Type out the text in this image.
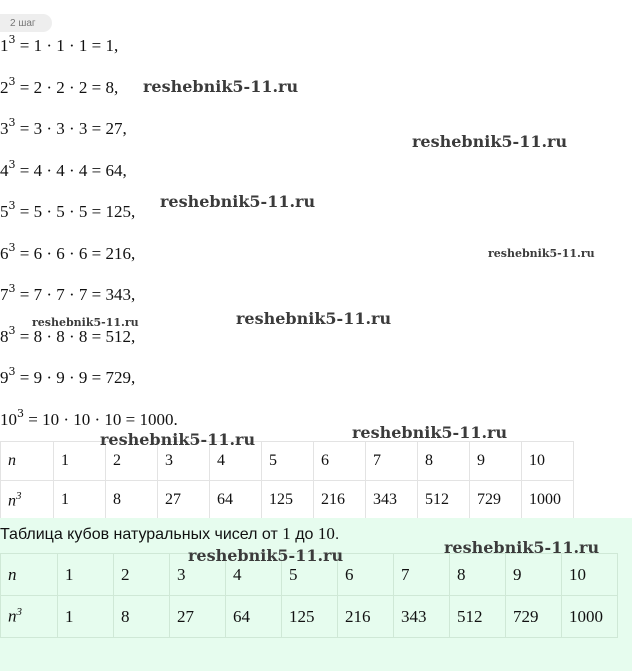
2 шаг
$1^3 = 1 \cdot 1 \cdot 1 = 1$,
$2^3 = 2 \cdot 2 \cdot 2 = 8$,
$3^3 = 3 \cdot 3 \cdot 3 = 27$,
$4^3 = 4 \cdot 4 \cdot 4 = 64$,
$5^3 = 5 \cdot 5 \cdot 5 = 125$,
$6^3 = 6 \cdot 6 \cdot 6 = 216$,
$7^3 = 7 \cdot 7 \cdot 7 = 343$,
$8^3 = 8 \cdot 8 \cdot 8 = 512$,
$9^3 = 9 \cdot 9 \cdot 9 = 729$,
$10^3 = 10 \cdot 10 \cdot 10 = 1000$.
reshebnik5-11.ru
reshebnik5-11.ru
reshebnik5-11.ru
reshebnik5-11.ru
reshebnik5-11.ru
reshebnik5-11.ru
n	1	2	3	4	5	6	7	8	9	10
$n^3$	1	8	27	64	125	216	343	512	729	1000
reshebnik5-11.ru	reshebnik5-11.ru
Таблица кубов натуральных чисел от 1 до 10.
n	1	2	3	4	5	6	7	8	9	10
$n^3$	1	8	27	64	125	216	343	512	729	1000
reshebnik5-11.ru	reshebnik5-11.ru
